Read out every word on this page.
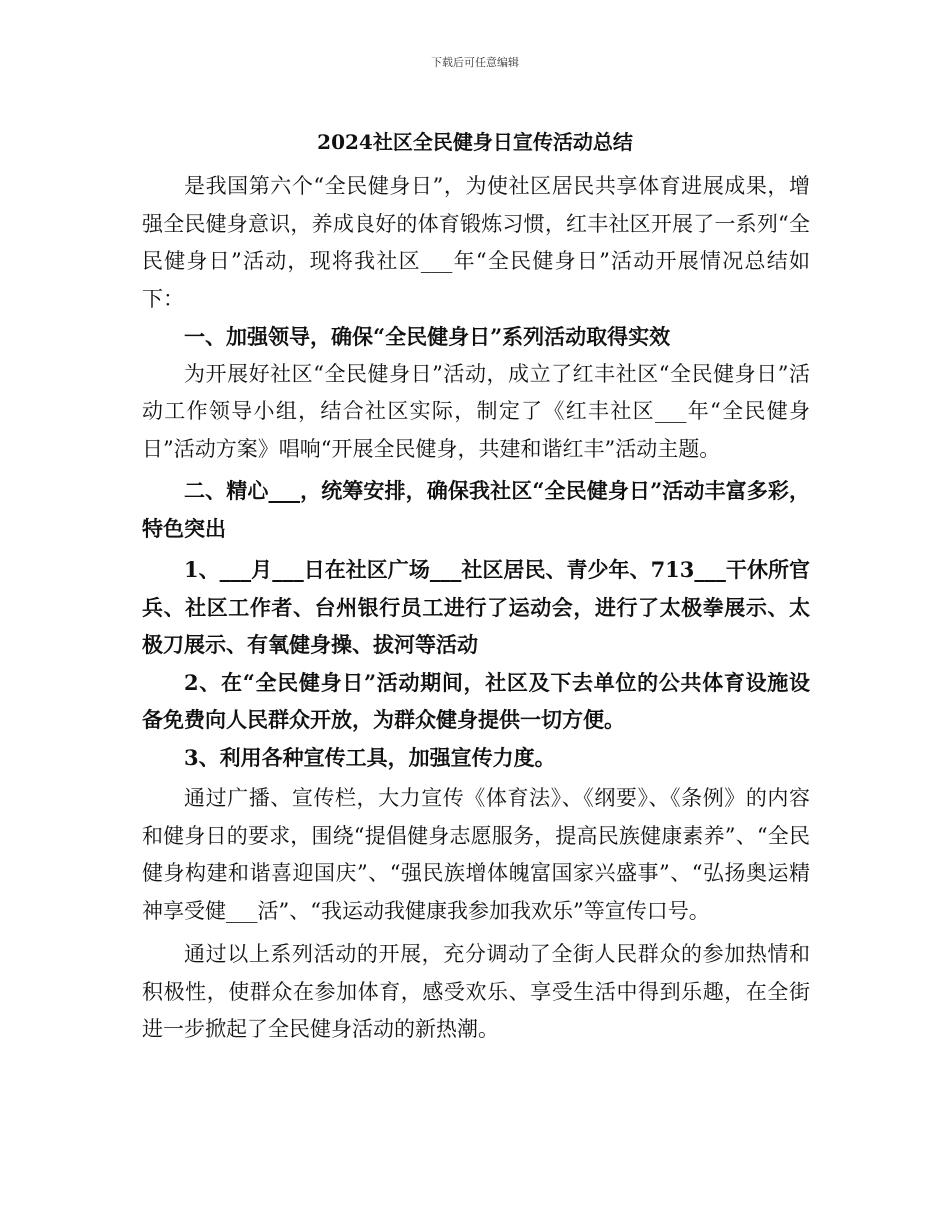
下载后可任意编辑
2024社区全民健身日宣传活动总结

是我国第六个“全民健身日”，为使社区居民共享体育进展成果，增强全民健身意识，养成良好的体育锻炼习惯，红丰社区开展了一系列“全民健身日”活动，现将我社区___年“全民健身日”活动开展情况总结如下：

一、加强领导，确保“全民健身日”系列活动取得实效

为开展好社区“全民健身日”活动，成立了红丰社区“全民健身日”活动工作领导小组，结合社区实际，制定了《红丰社区___年“全民健身日”活动方案》唱响“开展全民健身，共建和谐红丰”活动主题。

二、精心___，统筹安排，确保我社区“全民健身日”活动丰富多彩，特色突出

1、___月___日在社区广场___社区居民、青少年、713___干休所官兵、社区工作者、台州银行员工进行了运动会，进行了太极拳展示、太极刀展示、有氧健身操、拔河等活动

2、在“全民健身日”活动期间，社区及下去单位的公共体育设施设备免费向人民群众开放，为群众健身提供一切方便。

3、利用各种宣传工具，加强宣传力度。

通过广播、宣传栏，大力宣传《体育法》、《纲要》、《条例》的内容和健身日的要求，围绕“提倡健身志愿服务，提高民族健康素养”、“全民健身构建和谐喜迎国庆”、“强民族增体魄富国家兴盛事”、“弘扬奥运精神享受健___活”、“我运动我健康我参加我欢乐”等宣传口号。

通过以上系列活动的开展，充分调动了全街人民群众的参加热情和积极性，使群众在参加体育，感受欢乐、享受生活中得到乐趣，在全街进一步掀起了全民健身活动的新热潮。
